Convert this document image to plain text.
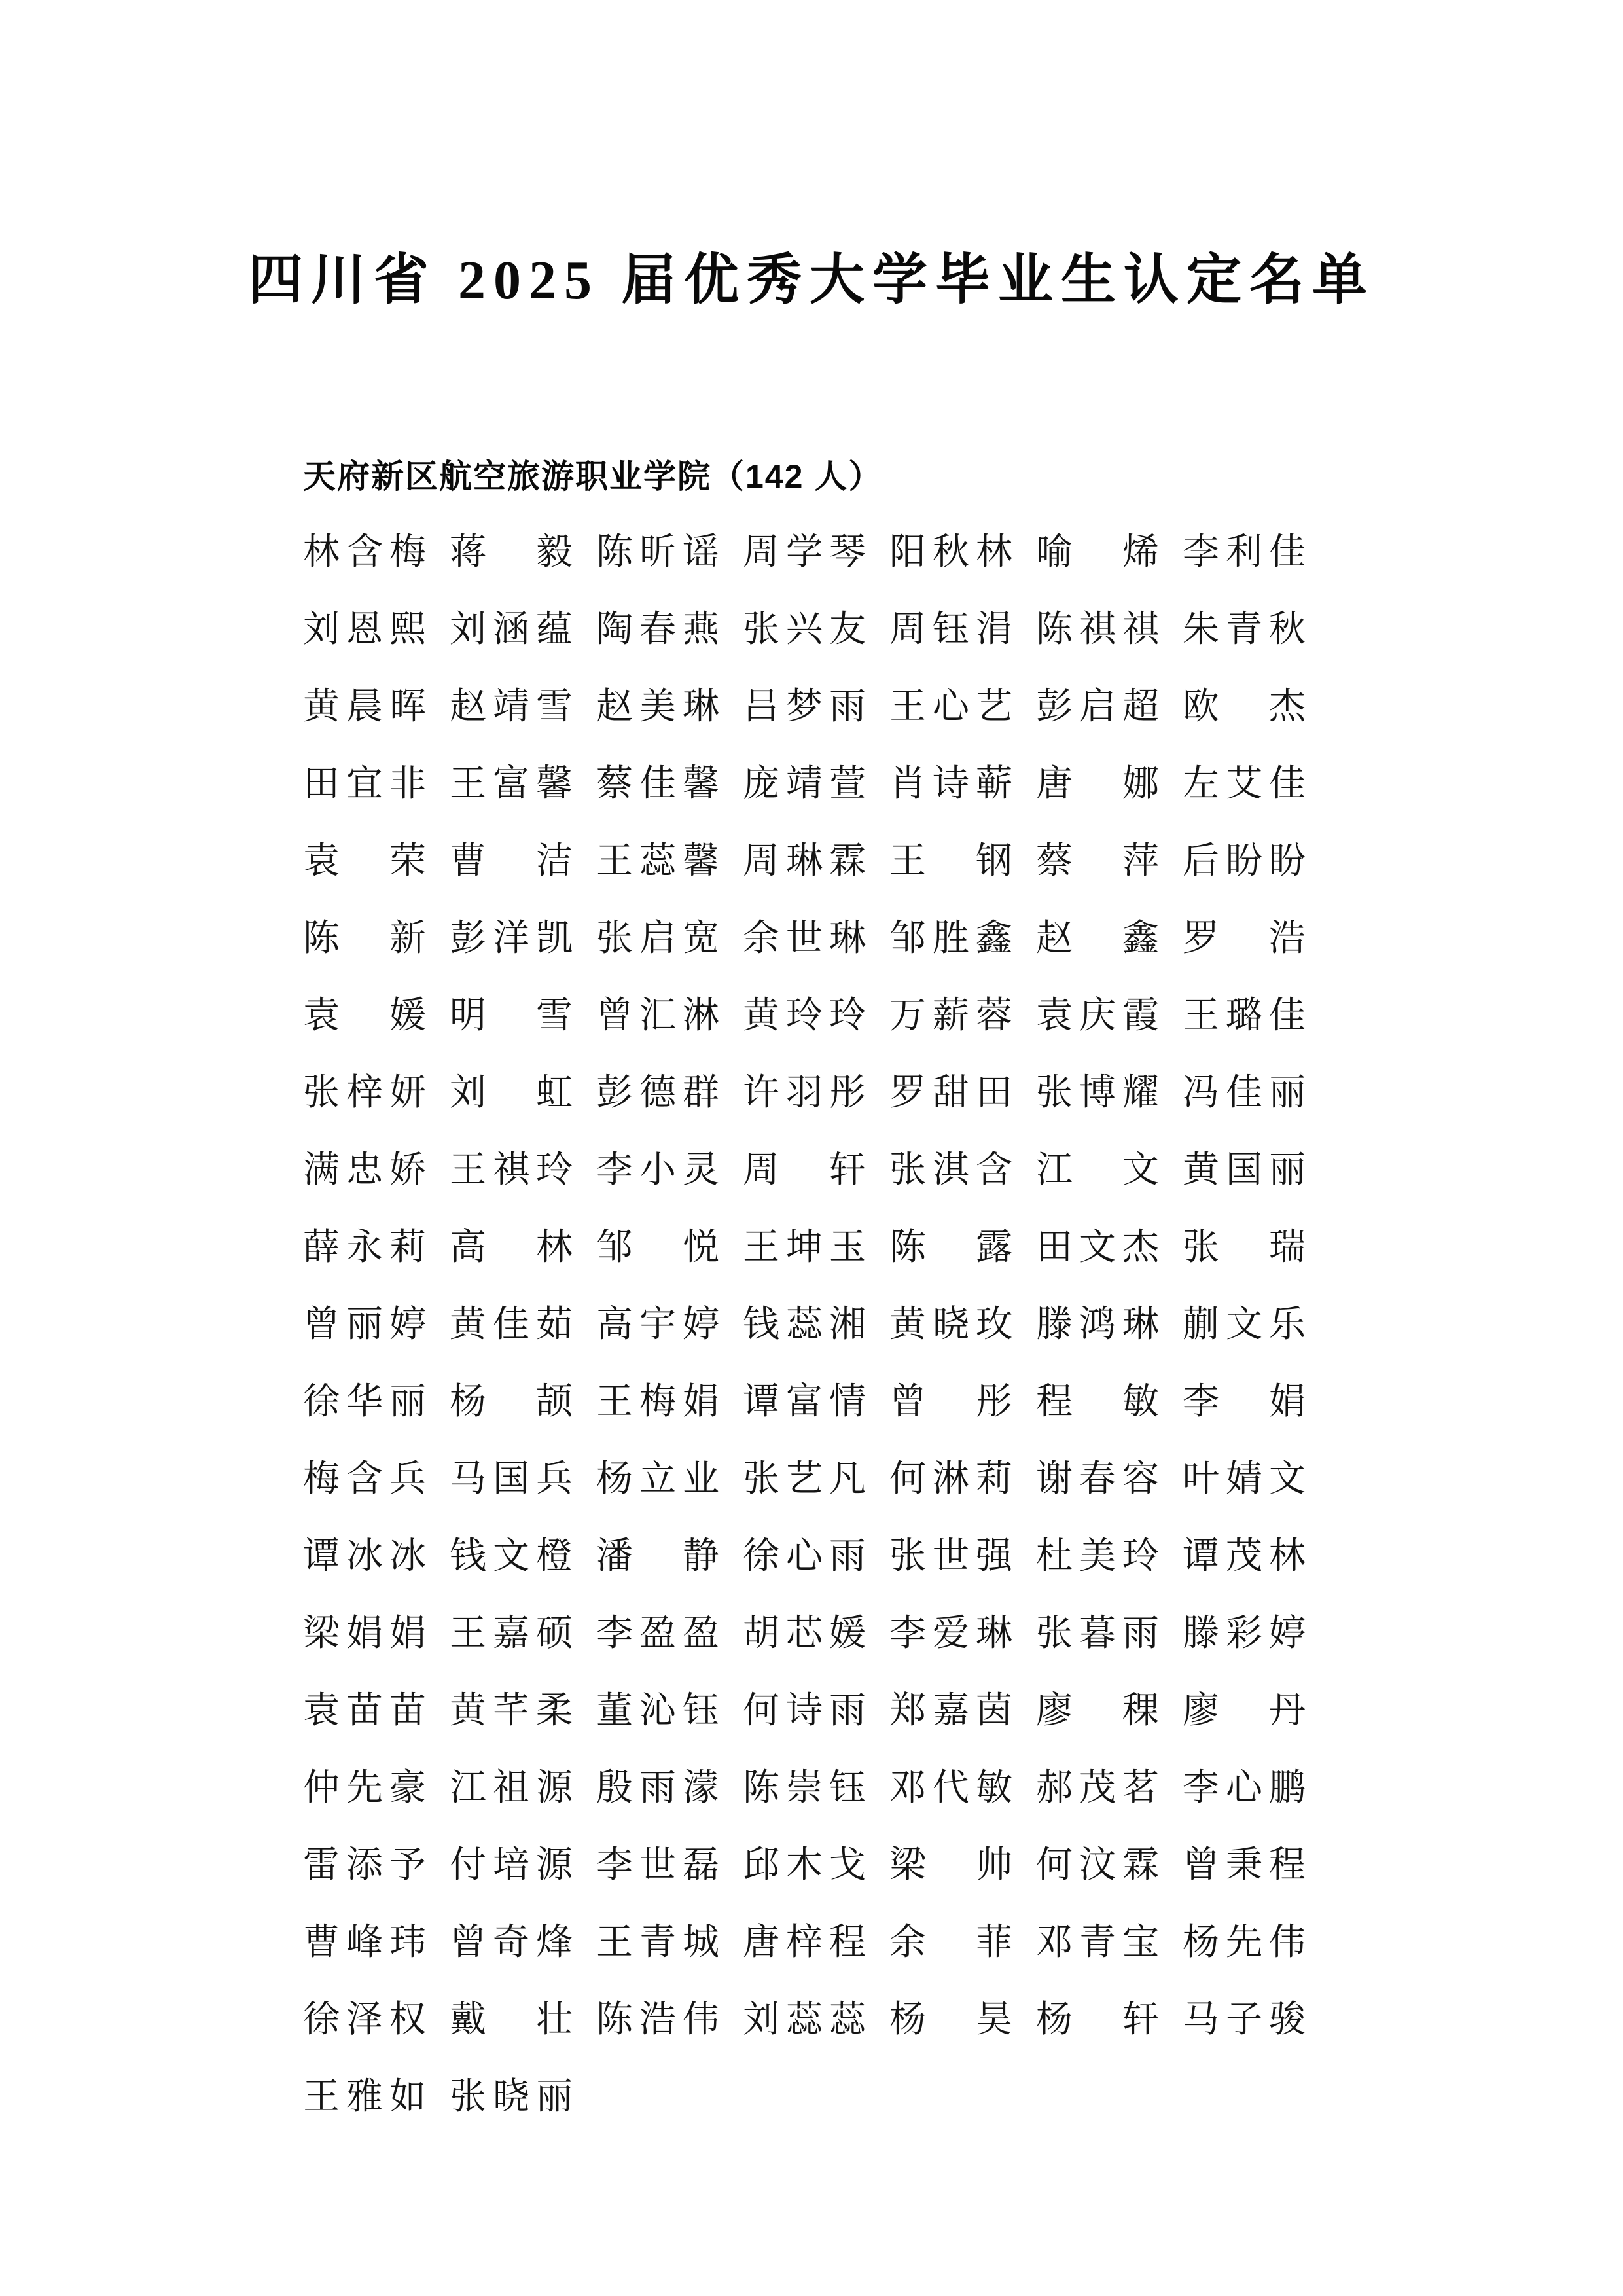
四川省 2025 届优秀大学毕业生认定名单
天府新区航空旅游职业学院（142 人）
林含梅 蒋　毅 陈昕谣 周学琴 阳秋林 喻　烯 李利佳
刘恩熙 刘涵蕴 陶春燕 张兴友 周钰涓 陈祺祺 朱青秋
黄晨晖 赵靖雪 赵美琳 吕梦雨 王心艺 彭启超 欧　杰
田宜非 王富馨 蔡佳馨 庞靖萱 肖诗蕲 唐　娜 左艾佳
袁　荣 曹　洁 王蕊馨 周琳霖 王　钢 蔡　萍 后盼盼
陈　新 彭洋凯 张启宽 余世琳 邹胜鑫 赵　鑫 罗　浩
袁　媛 明　雪 曾汇淋 黄玲玲 万薪蓉 袁庆霞 王璐佳
张梓妍 刘　虹 彭德群 许羽彤 罗甜田 张博耀 冯佳丽
满忠娇 王祺玲 李小灵 周　轩 张淇含 江　文 黄国丽
薛永莉 高　林 邹　悦 王坤玉 陈　露 田文杰 张　瑞
曾丽婷 黄佳茹 高宇婷 钱蕊湘 黄晓玫 滕鸿琳 蒯文乐
徐华丽 杨　颉 王梅娟 谭富情 曾　彤 程　敏 李　娟
梅含兵 马国兵 杨立业 张艺凡 何淋莉 谢春容 叶婧文
谭冰冰 钱文橙 潘　静 徐心雨 张世强 杜美玲 谭茂林
梁娟娟 王嘉硕 李盈盈 胡芯媛 李爱琳 张暮雨 滕彩婷
袁苗苗 黄芊柔 董沁钰 何诗雨 郑嘉茵 廖　稞 廖　丹
仲先豪 江祖源 殷雨濛 陈崇钰 邓代敏 郝茂茗 李心鹏
雷添予 付培源 李世磊 邱木戈 梁　帅 何汶霖 曾秉程
曹峰玮 曾奇烽 王青城 唐梓程 余　菲 邓青宝 杨先伟
徐泽权 戴　壮 陈浩伟 刘蕊蕊 杨　昊 杨　轩 马子骏
王雅如 张晓丽
